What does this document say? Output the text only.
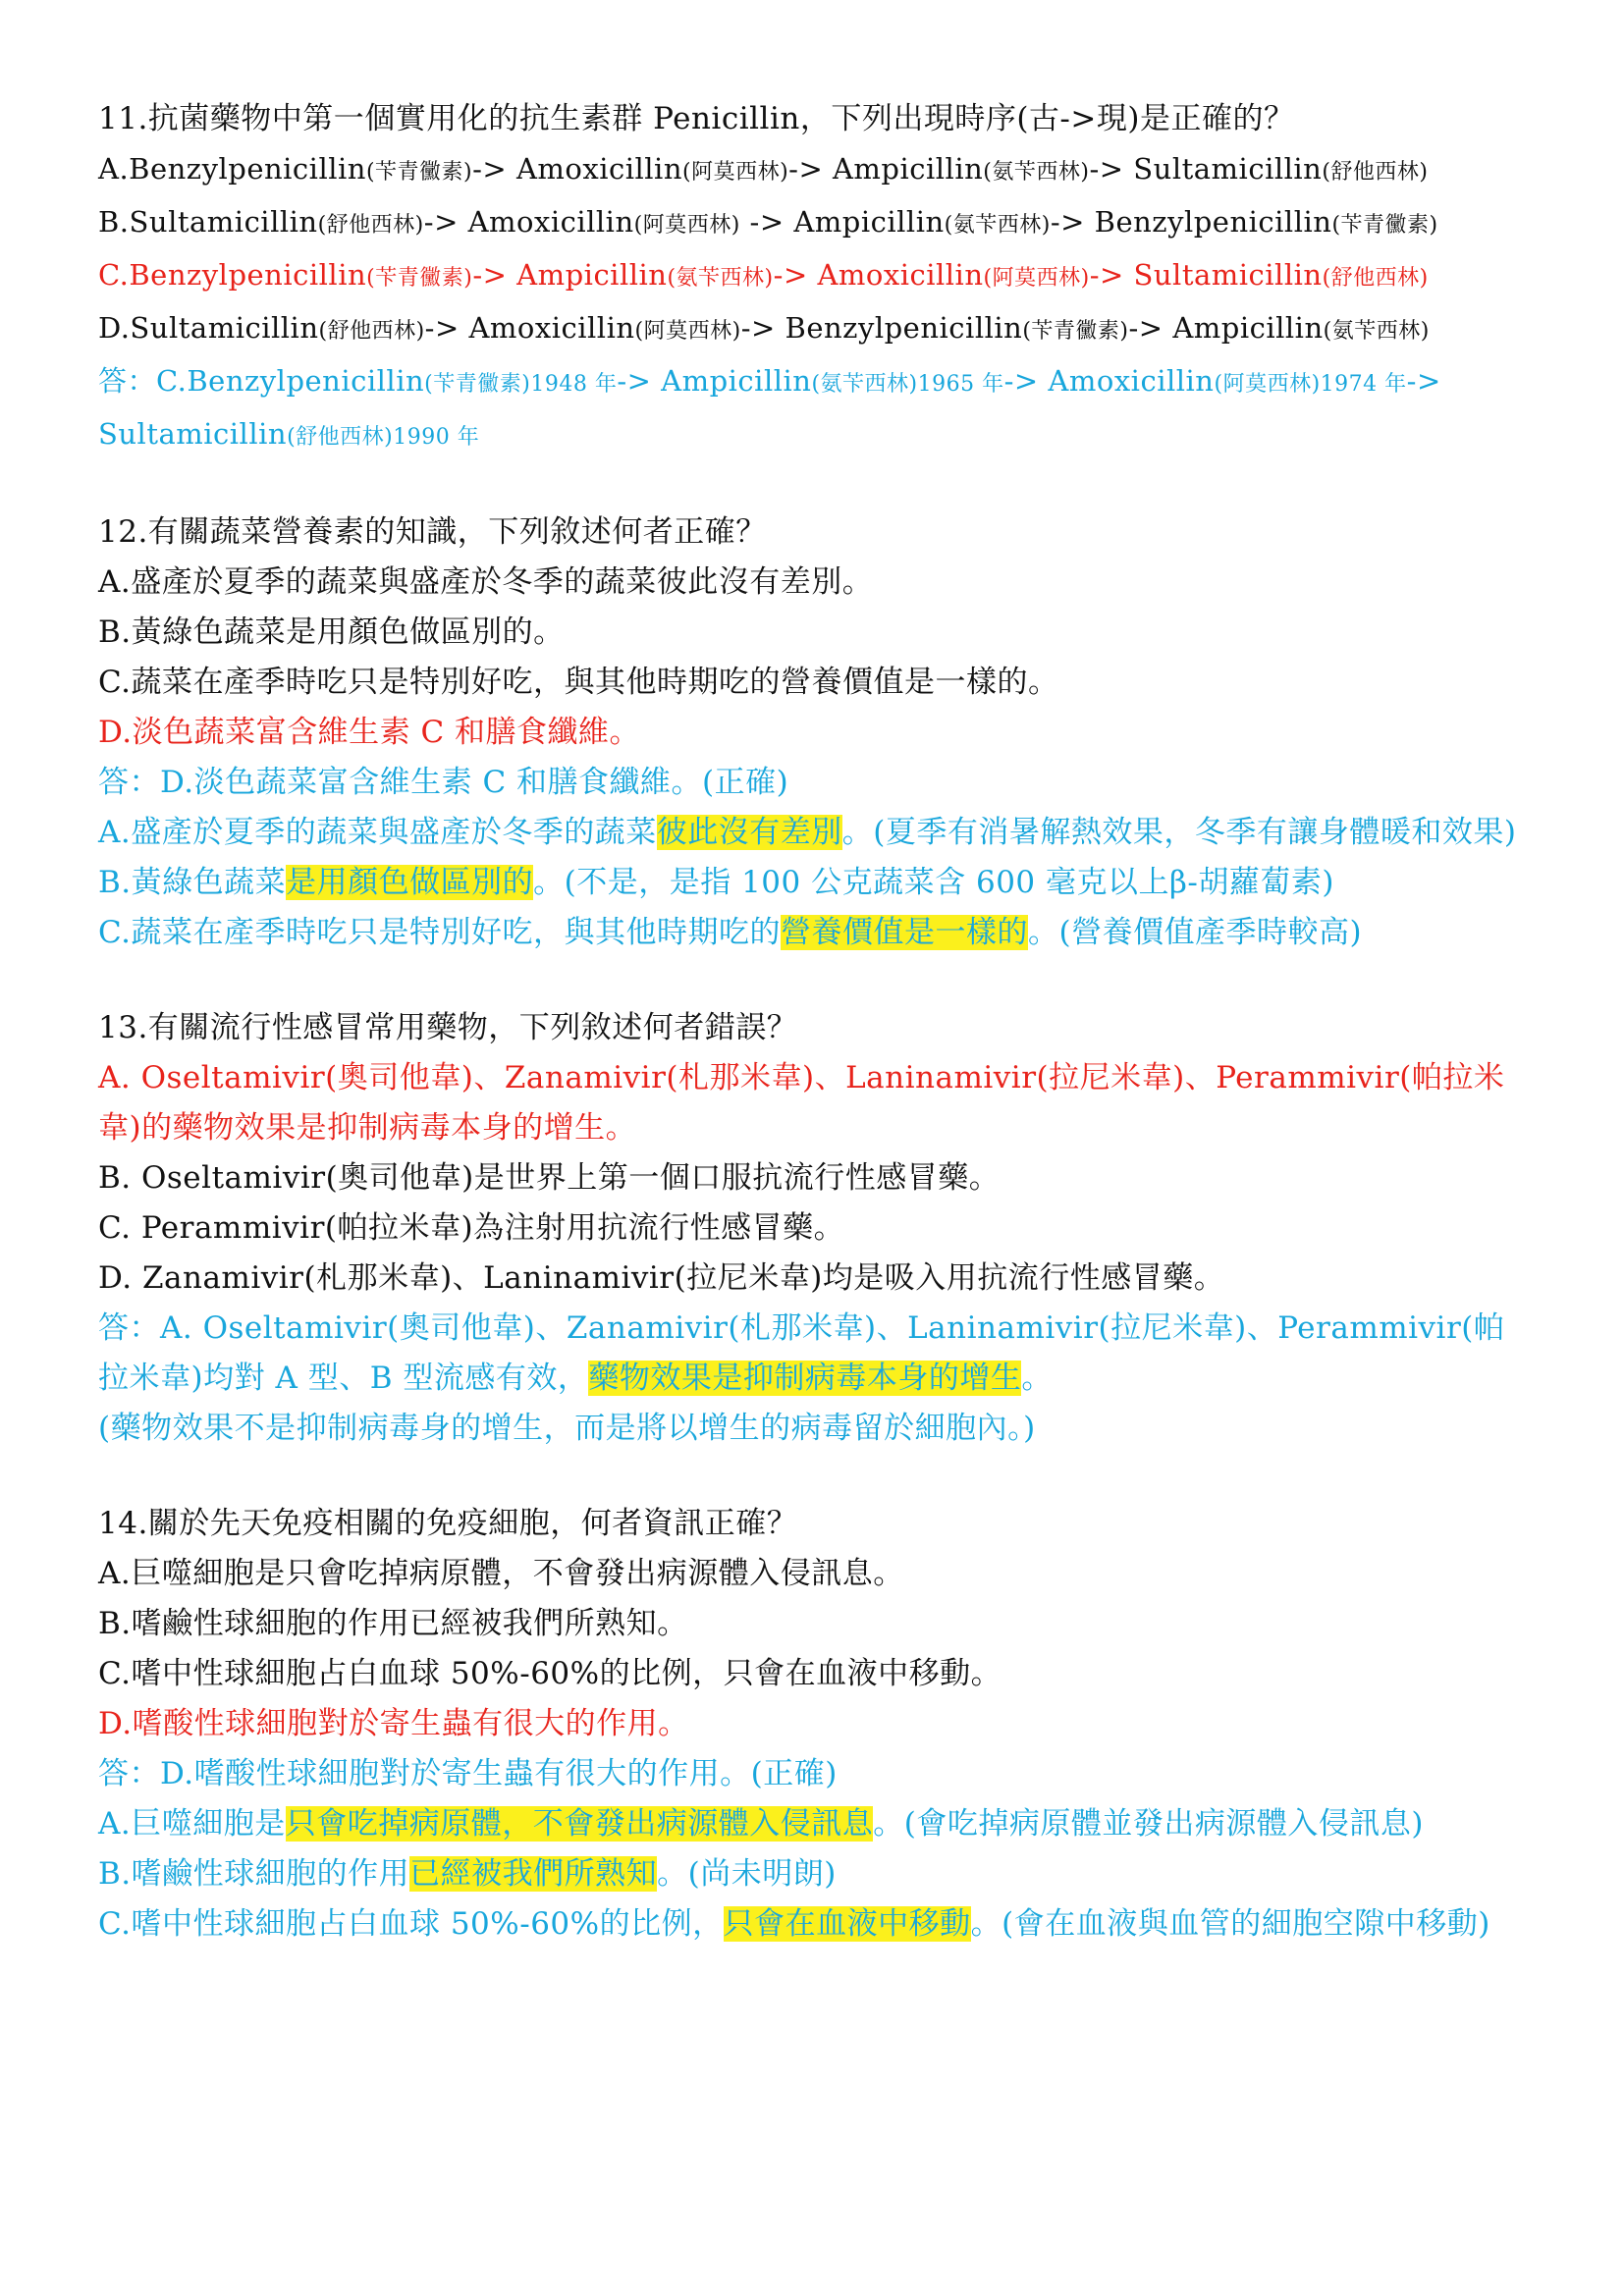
11.抗菌藥物中第一個實用化的抗生素群 Penicillin，下列出現時序(古->現)是正確的？
A.Benzylpenicillin(苄青黴素)-> Amoxicillin(阿莫西林)-> Ampicillin(氨苄西林)-> Sultamicillin(舒他西林)
B.Sultamicillin(舒他西林)-> Amoxicillin(阿莫西林) -> Ampicillin(氨苄西林)-> Benzylpenicillin(苄青黴素)
C.Benzylpenicillin(苄青黴素)-> Ampicillin(氨苄西林)-> Amoxicillin(阿莫西林)-> Sultamicillin(舒他西林)
D.Sultamicillin(舒他西林)-> Amoxicillin(阿莫西林)-> Benzylpenicillin(苄青黴素)-> Ampicillin(氨苄西林)
答：C.Benzylpenicillin(苄青黴素)1948 年-> Ampicillin(氨苄西林)1965 年-> Amoxicillin(阿莫西林)1974 年->
Sultamicillin(舒他西林)1990 年
12.有關蔬菜營養素的知識，下列敘述何者正確？
A.盛產於夏季的蔬菜與盛產於冬季的蔬菜彼此沒有差別。
B.黃綠色蔬菜是用顏色做區別的。
C.蔬菜在產季時吃只是特別好吃，與其他時期吃的營養價值是一樣的。
D.淡色蔬菜富含維生素 C 和膳食纖維。
答：D.淡色蔬菜富含維生素 C 和膳食纖維。(正確)
A.盛產於夏季的蔬菜與盛產於冬季的蔬菜彼此沒有差別。(夏季有消暑解熱效果，冬季有讓身體暖和效果)
B.黃綠色蔬菜是用顏色做區別的。(不是，是指 100 公克蔬菜含 600 毫克以上β-胡蘿蔔素)
C.蔬菜在產季時吃只是特別好吃，與其他時期吃的營養價值是一樣的。(營養價值產季時較高)
13.有關流行性感冒常用藥物，下列敘述何者錯誤？
A. Oseltamivir(奧司他韋)、Zanamivir(札那米韋)、Laninamivir(拉尼米韋)、Perammivir(帕拉米韋)的藥物效果是抑制病毒本身的增生。
B. Oseltamivir(奧司他韋)是世界上第一個口服抗流行性感冒藥。
C. Perammivir(帕拉米韋)為注射用抗流行性感冒藥。
D. Zanamivir(札那米韋)、Laninamivir(拉尼米韋)均是吸入用抗流行性感冒藥。
答：A. Oseltamivir(奧司他韋)、Zanamivir(札那米韋)、Laninamivir(拉尼米韋)、Perammivir(帕拉米韋)均對 A 型、B 型流感有效，藥物效果是抑制病毒本身的增生。
(藥物效果不是抑制病毒身的增生，而是將以增生的病毒留於細胞內。)
14.關於先天免疫相關的免疫細胞，何者資訊正確？
A.巨噬細胞是只會吃掉病原體，不會發出病源體入侵訊息。
B.嗜鹼性球細胞的作用已經被我們所熟知。
C.嗜中性球細胞占白血球 50%-60%的比例，只會在血液中移動。
D.嗜酸性球細胞對於寄生蟲有很大的作用。
答：D.嗜酸性球細胞對於寄生蟲有很大的作用。(正確)
A.巨噬細胞是只會吃掉病原體，不會發出病源體入侵訊息。(會吃掉病原體並發出病源體入侵訊息)
B.嗜鹼性球細胞的作用已經被我們所熟知。(尚未明朗)
C.嗜中性球細胞占白血球 50%-60%的比例，只會在血液中移動。(會在血液與血管的細胞空隙中移動)
